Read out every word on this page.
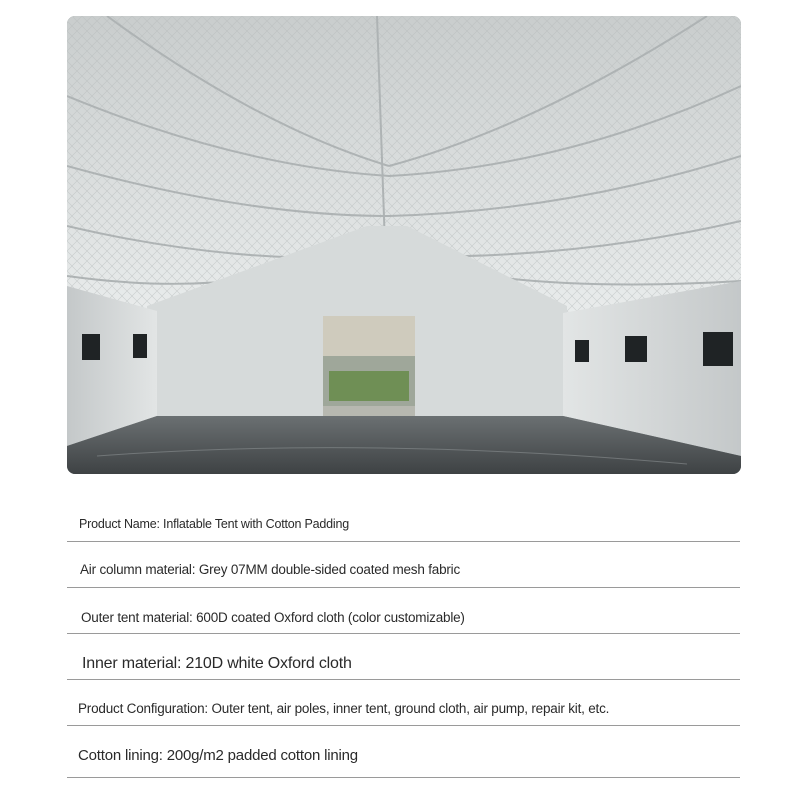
Product Name: Inflatable Tent with Cotton Padding
Air column material: Grey 07MM double-sided coated mesh fabric
Outer tent material: 600D coated Oxford cloth (color customizable)
Inner material: 210D white Oxford cloth
Product Configuration: Outer tent, air poles, inner tent, ground cloth, air pump, repair kit, etc.
Cotton lining: 200g/m2 padded cotton lining
